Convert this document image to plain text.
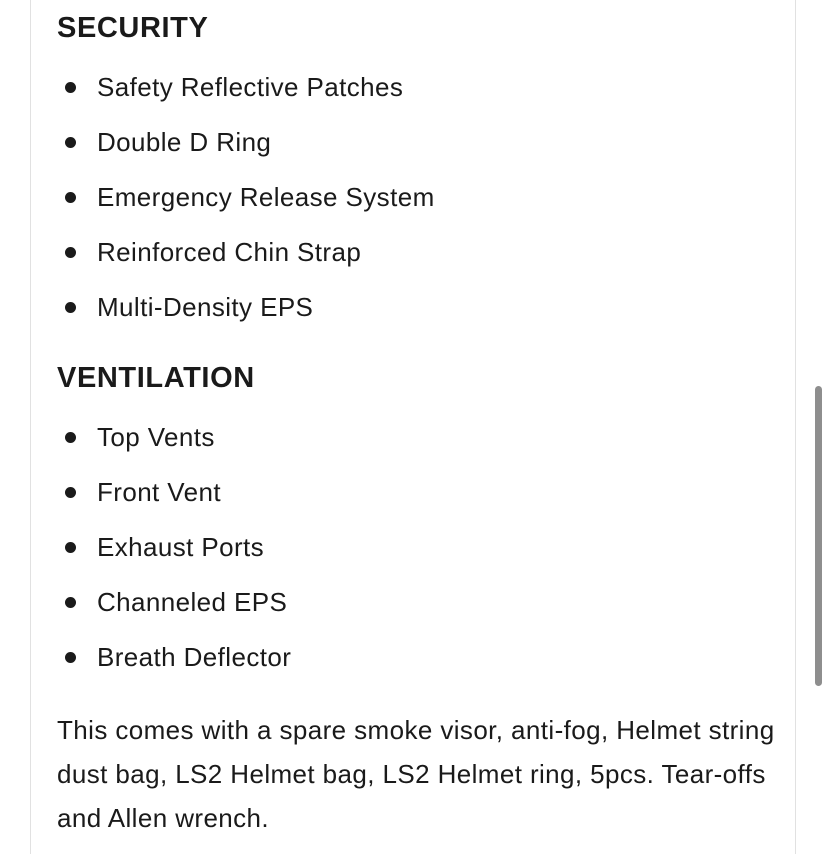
SECURITY
Safety Reflective Patches
Double D Ring
Emergency Release System
Reinforced Chin Strap
Multi-Density EPS
VENTILATION
Top Vents
Front Vent
Exhaust Ports
Channeled EPS
Breath Deflector

This comes with a spare smoke visor, anti-fog, Helmet string dust bag, LS2 Helmet bag, LS2 Helmet ring, 5pcs. Tear-offs and Allen wrench.
